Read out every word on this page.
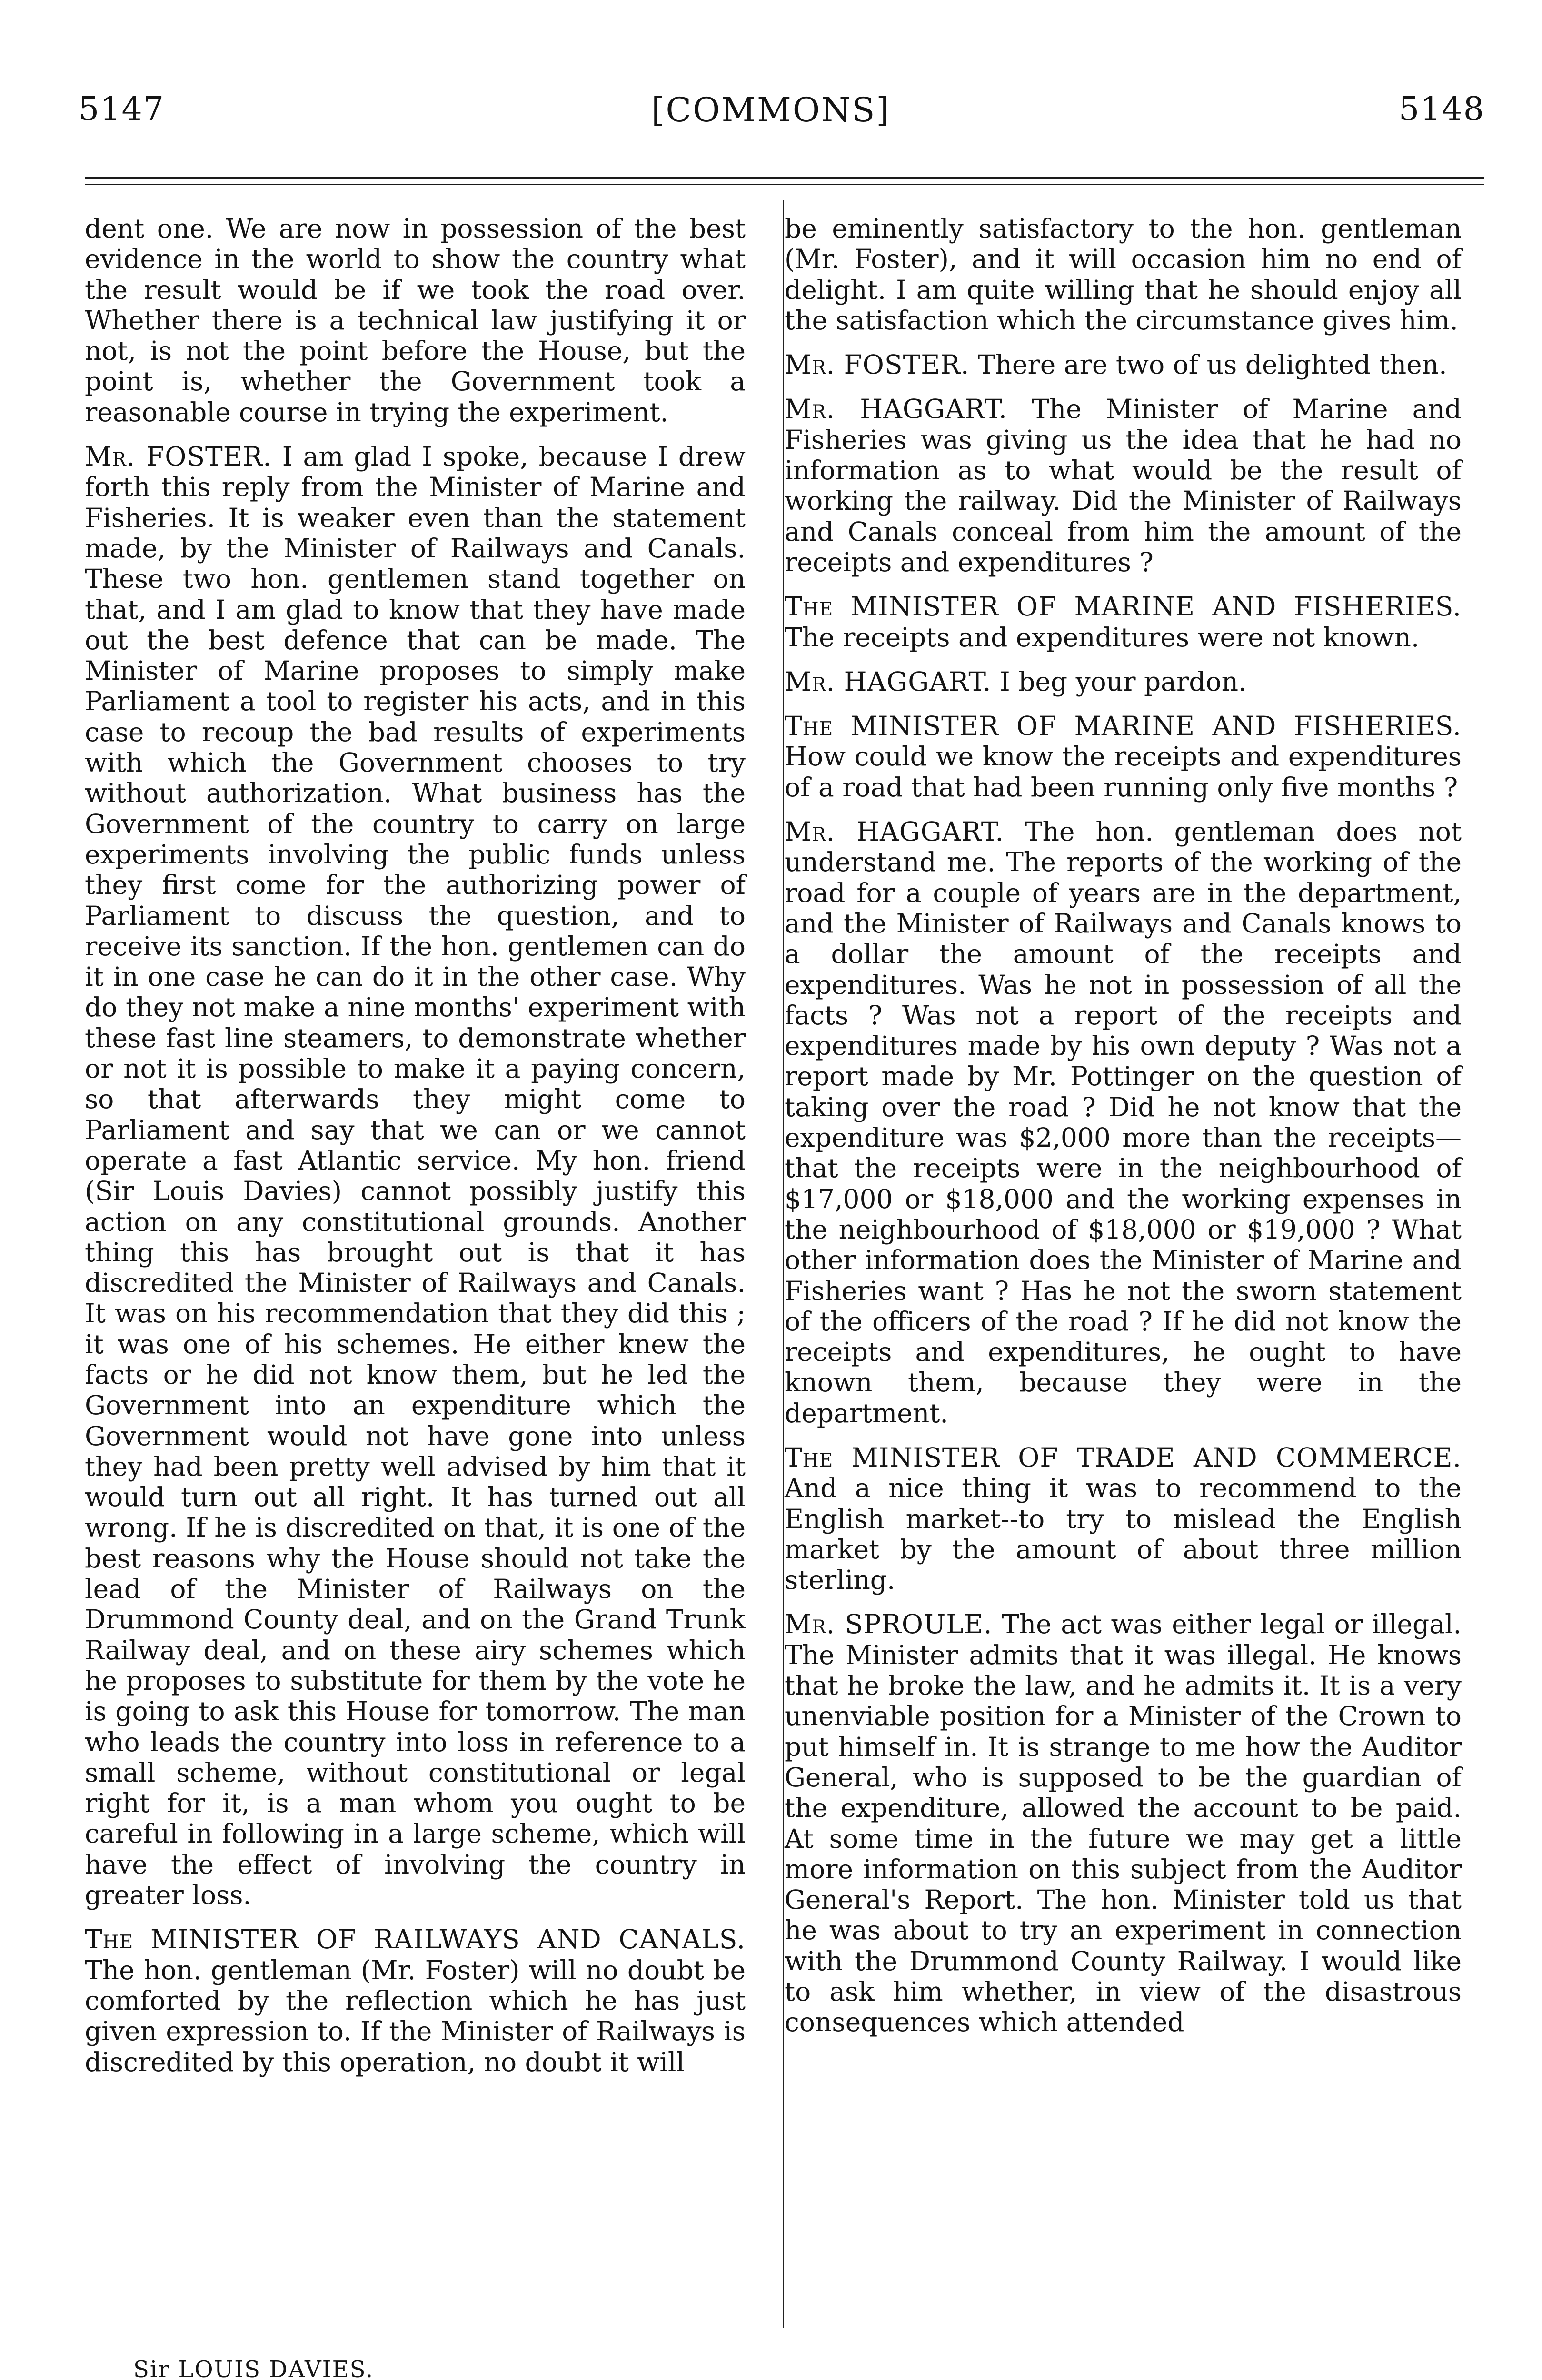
5147	[COMMONS]	5148

dent one. We are now in possession of the best evidence in the world to show the country what the result would be if we took the road over. Whether there is a technical law justifying it or not, is not the point before the House, but the point is, whether the Government took a reasonable course in trying the experiment.

Mr. FOSTER. I am glad I spoke, because I drew forth this reply from the Minister of Marine and Fisheries. It is weaker even than the statement made, by the Minister of Railways and Canals. These two hon. gentlemen stand together on that, and I am glad to know that they have made out the best defence that can be made. The Minister of Marine proposes to simply make Parliament a tool to register his acts, and in this case to recoup the bad results of experiments with which the Government chooses to try without authorization. What business has the Government of the country to carry on large experiments involving the public funds unless they first come for the authorizing power of Parliament to discuss the question, and to receive its sanction. If the hon. gentlemen can do it in one case he can do it in the other case. Why do they not make a nine months' experiment with these fast line steamers, to demonstrate whether or not it is possible to make it a paying concern, so that afterwards they might come to Parliament and say that we can or we cannot operate a fast Atlantic service. My hon. friend (Sir Louis Davies) cannot possibly justify this action on any constitutional grounds. Another thing this has brought out is that it has discredited the Minister of Railways and Canals. It was on his recommendation that they did this ; it was one of his schemes. He either knew the facts or he did not know them, but he led the Government into an expenditure which the Government would not have gone into unless they had been pretty well advised by him that it would turn out all right. It has turned out all wrong. If he is discredited on that, it is one of the best reasons why the House should not take the lead of the Minister of Railways on the Drummond County deal, and on the Grand Trunk Railway deal, and on these airy schemes which he proposes to substitute for them by the vote he is going to ask this House for tomorrow. The man who leads the country into loss in reference to a small scheme, without constitutional or legal right for it, is a man whom you ought to be careful in following in a large scheme, which will have the effect of involving the country in greater loss.

The MINISTER OF RAILWAYS AND CANALS. The hon. gentleman (Mr. Foster) will no doubt be comforted by the reflection which he has just given expression to. If the Minister of Railways is discredited by this operation, no doubt it will

be eminently satisfactory to the hon. gentleman (Mr. Foster), and it will occasion him no end of delight. I am quite willing that he should enjoy all the satisfaction which the circumstance gives him.

Mr. FOSTER. There are two of us delighted then.

Mr. HAGGART. The Minister of Marine and Fisheries was giving us the idea that he had no information as to what would be the result of working the railway. Did the Minister of Railways and Canals conceal from him the amount of the receipts and expenditures ?

The MINISTER OF MARINE AND FISHERIES. The receipts and expenditures were not known.

Mr. HAGGART. I beg your pardon.

The MINISTER OF MARINE AND FISHERIES. How could we know the receipts and expenditures of a road that had been running only five months ?

Mr. HAGGART. The hon. gentleman does not understand me. The reports of the working of the road for a couple of years are in the department, and the Minister of Railways and Canals knows to a dollar the amount of the receipts and expenditures. Was he not in possession of all the facts ? Was not a report of the receipts and expenditures made by his own deputy ? Was not a report made by Mr. Pottinger on the question of taking over the road ? Did he not know that the expenditure was $2,000 more than the receipts—that the receipts were in the neighbourhood of $17,000 or $18,000 and the working expenses in the neighbourhood of $18,000 or $19,000 ? What other information does the Minister of Marine and Fisheries want ? Has he not the sworn statement of the officers of the road ? If he did not know the receipts and expenditures, he ought to have known them, because they were in the department.

The MINISTER OF TRADE AND COMMERCE. And a nice thing it was to recommend to the English market--to try to mislead the English market by the amount of about three million sterling.

Mr. SPROULE. The act was either legal or illegal. The Minister admits that it was illegal. He knows that he broke the law, and he admits it. It is a very unenviable position for a Minister of the Crown to put himself in. It is strange to me how the Auditor General, who is supposed to be the guardian of the expenditure, allowed the account to be paid. At some time in the future we may get a little more information on this subject from the Auditor General's Report. The hon. Minister told us that he was about to try an experiment in connection with the Drummond County Railway. I would like to ask him whether, in view of the disastrous consequences which attended

Sir LOUIS DAVIES.
